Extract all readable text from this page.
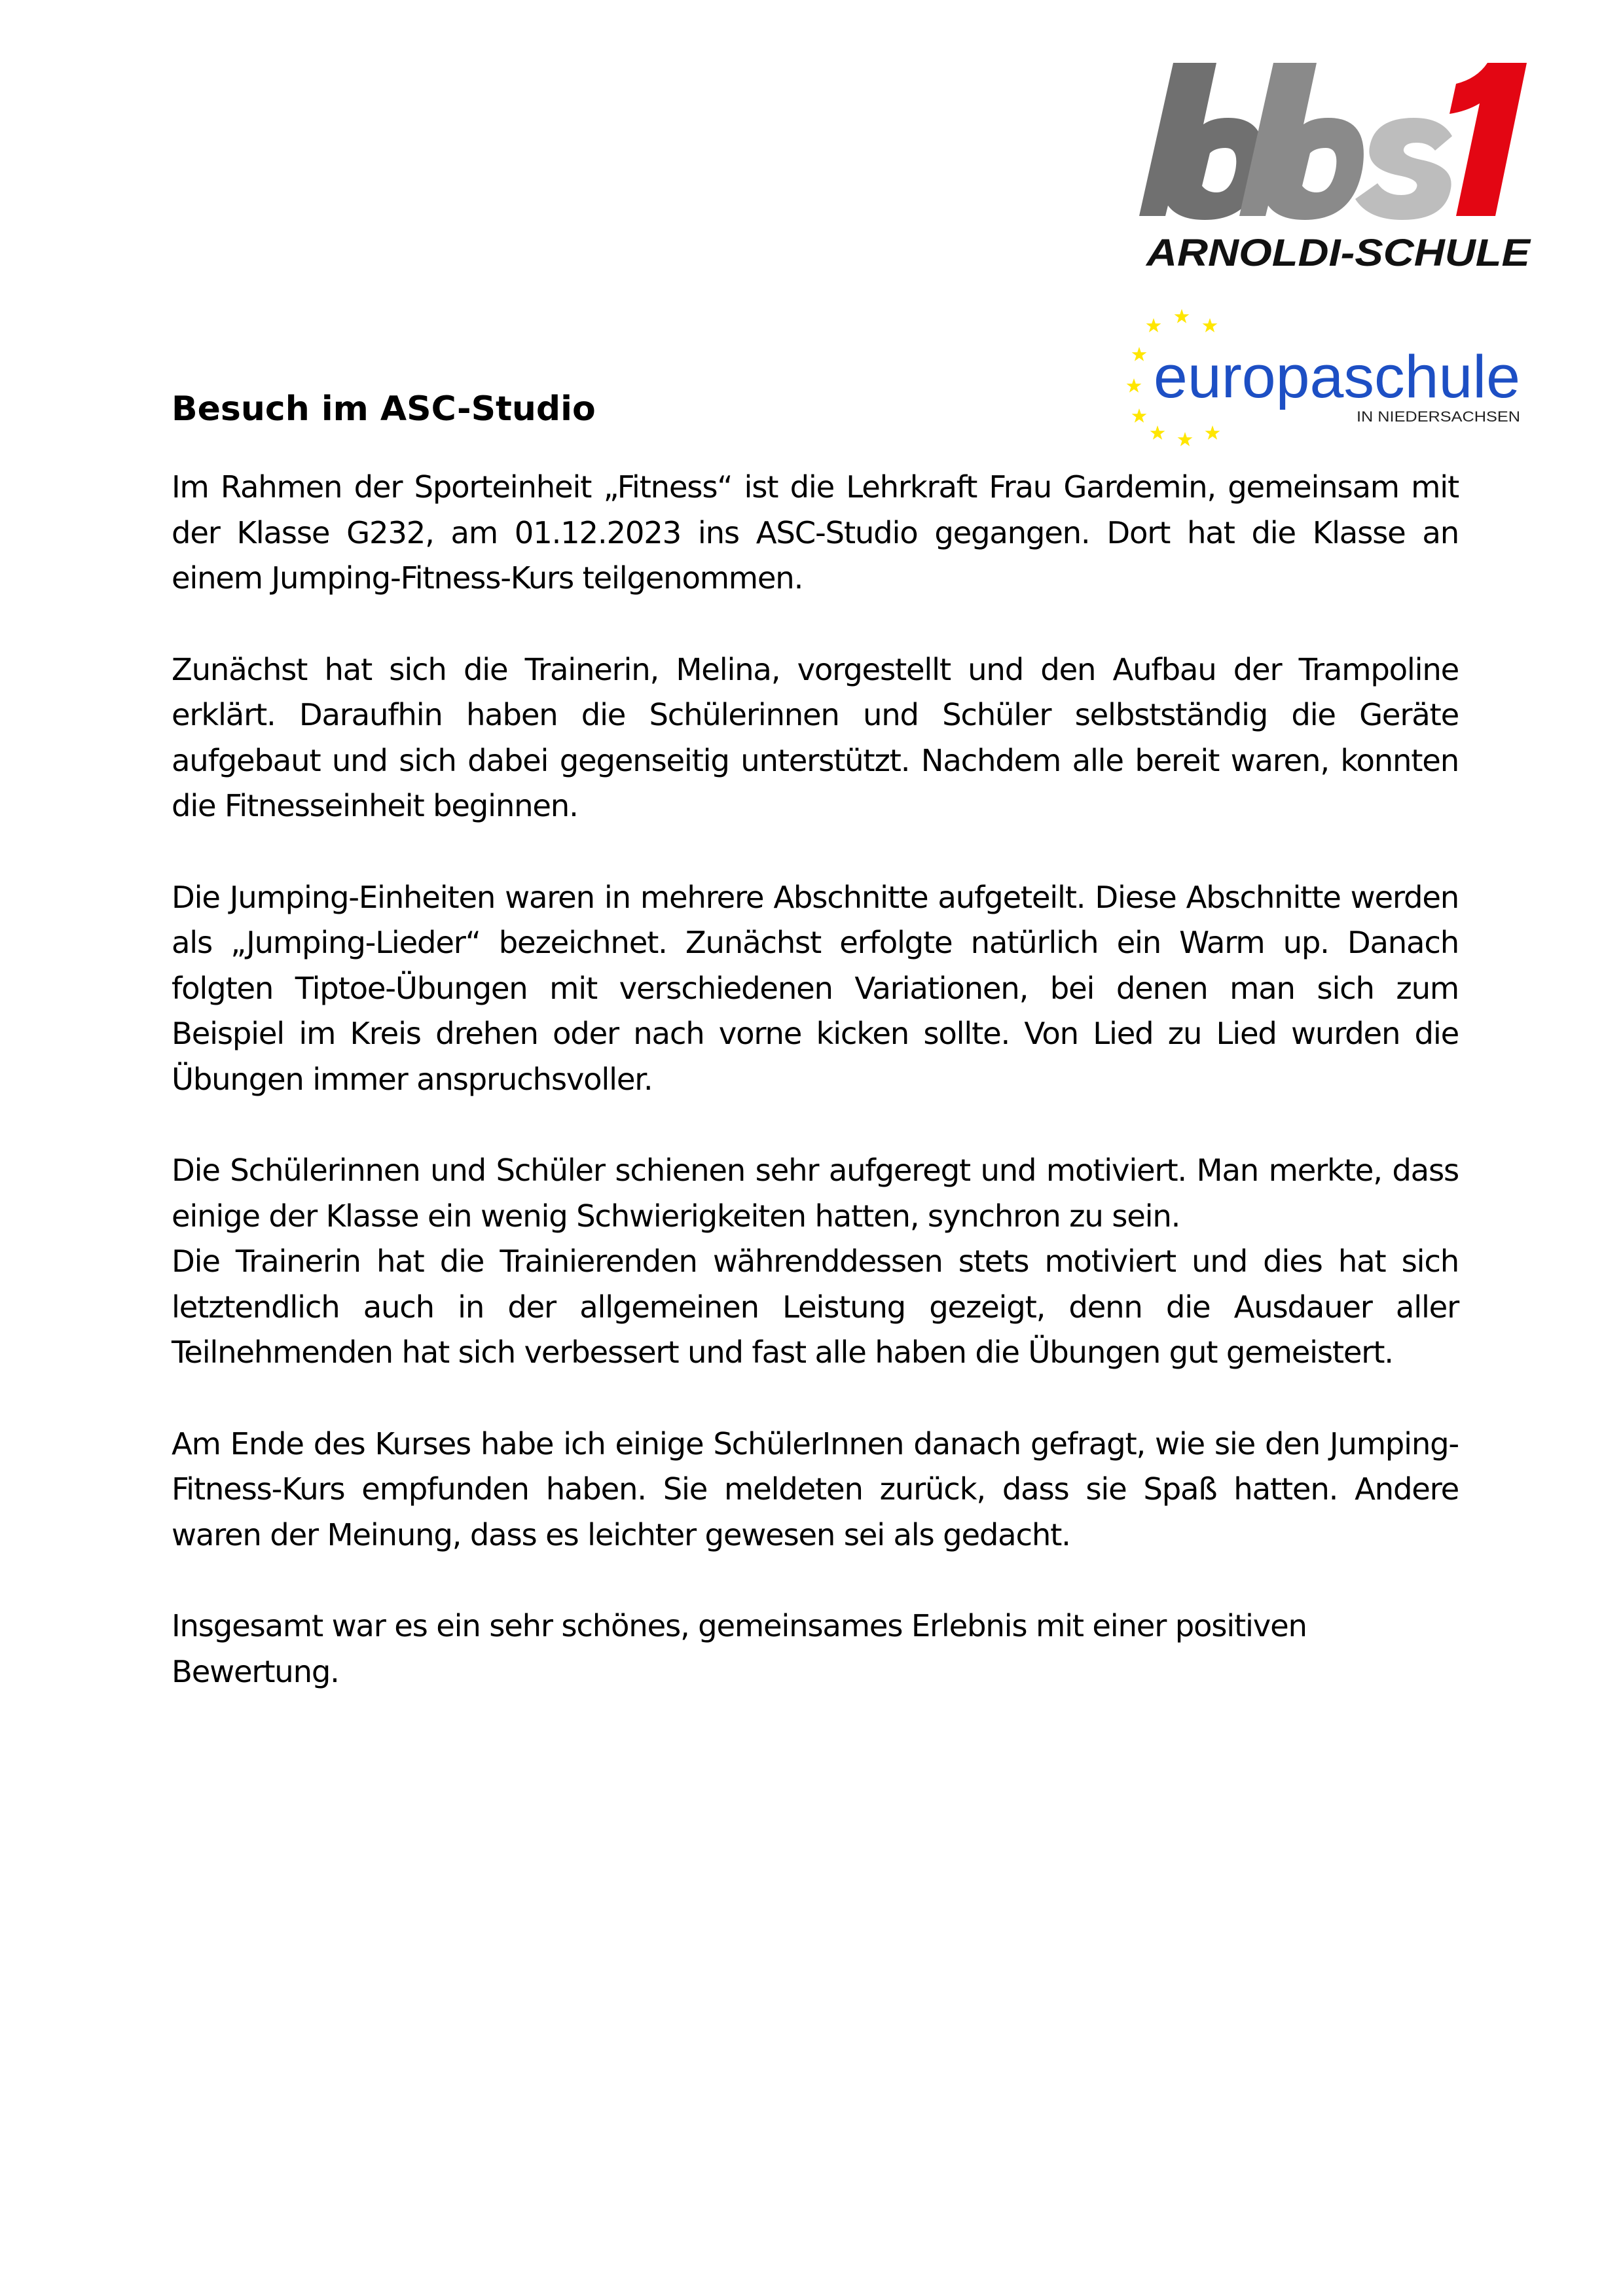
ARNOLDI-SCHULE
europaschule
IN NIEDERSACHSEN
Besuch im ASC-Studio

Im Rahmen der Sporteinheit „Fitness“ ist die Lehrkraft Frau Gardemin, gemeinsam mit der Klasse G232, am 01.12.2023 ins ASC-Studio gegangen. Dort hat die Klasse an einem Jumping-Fitness-Kurs teilgenommen.

Zunächst hat sich die Trainerin, Melina, vorgestellt und den Aufbau der Trampoline erklärt. Daraufhin haben die Schülerinnen und Schüler selbstständig die Geräte aufgebaut und sich dabei gegenseitig unterstützt. Nachdem alle bereit waren, konnten die Fitnesseinheit beginnen.

Die Jumping-Einheiten waren in mehrere Abschnitte aufgeteilt. Diese Abschnitte werden als „Jumping-Lieder“ bezeichnet. Zunächst erfolgte natürlich ein Warm up. Danach folgten Tiptoe-Übungen mit verschiedenen Variationen, bei denen man sich zum Beispiel im Kreis drehen oder nach vorne kicken sollte. Von Lied zu Lied wurden die Übungen immer anspruchsvoller.

Die Schülerinnen und Schüler schienen sehr aufgeregt und motiviert. Man merkte, dass einige der Klasse ein wenig Schwierigkeiten hatten, synchron zu sein.

Die Trainerin hat die Trainierenden währenddessen stets motiviert und dies hat sich letztendlich auch in der allgemeinen Leistung gezeigt, denn die Ausdauer aller Teilnehmenden hat sich verbessert und fast alle haben die Übungen gut gemeistert.

Am Ende des Kurses habe ich einige SchülerInnen danach gefragt, wie sie den Jumping-Fitness-Kurs empfunden haben. Sie meldeten zurück, dass sie Spaß hatten. Andere waren der Meinung, dass es leichter gewesen sei als gedacht.

Insgesamt war es ein sehr schönes, gemeinsames Erlebnis mit einer positiven Bewertung.
